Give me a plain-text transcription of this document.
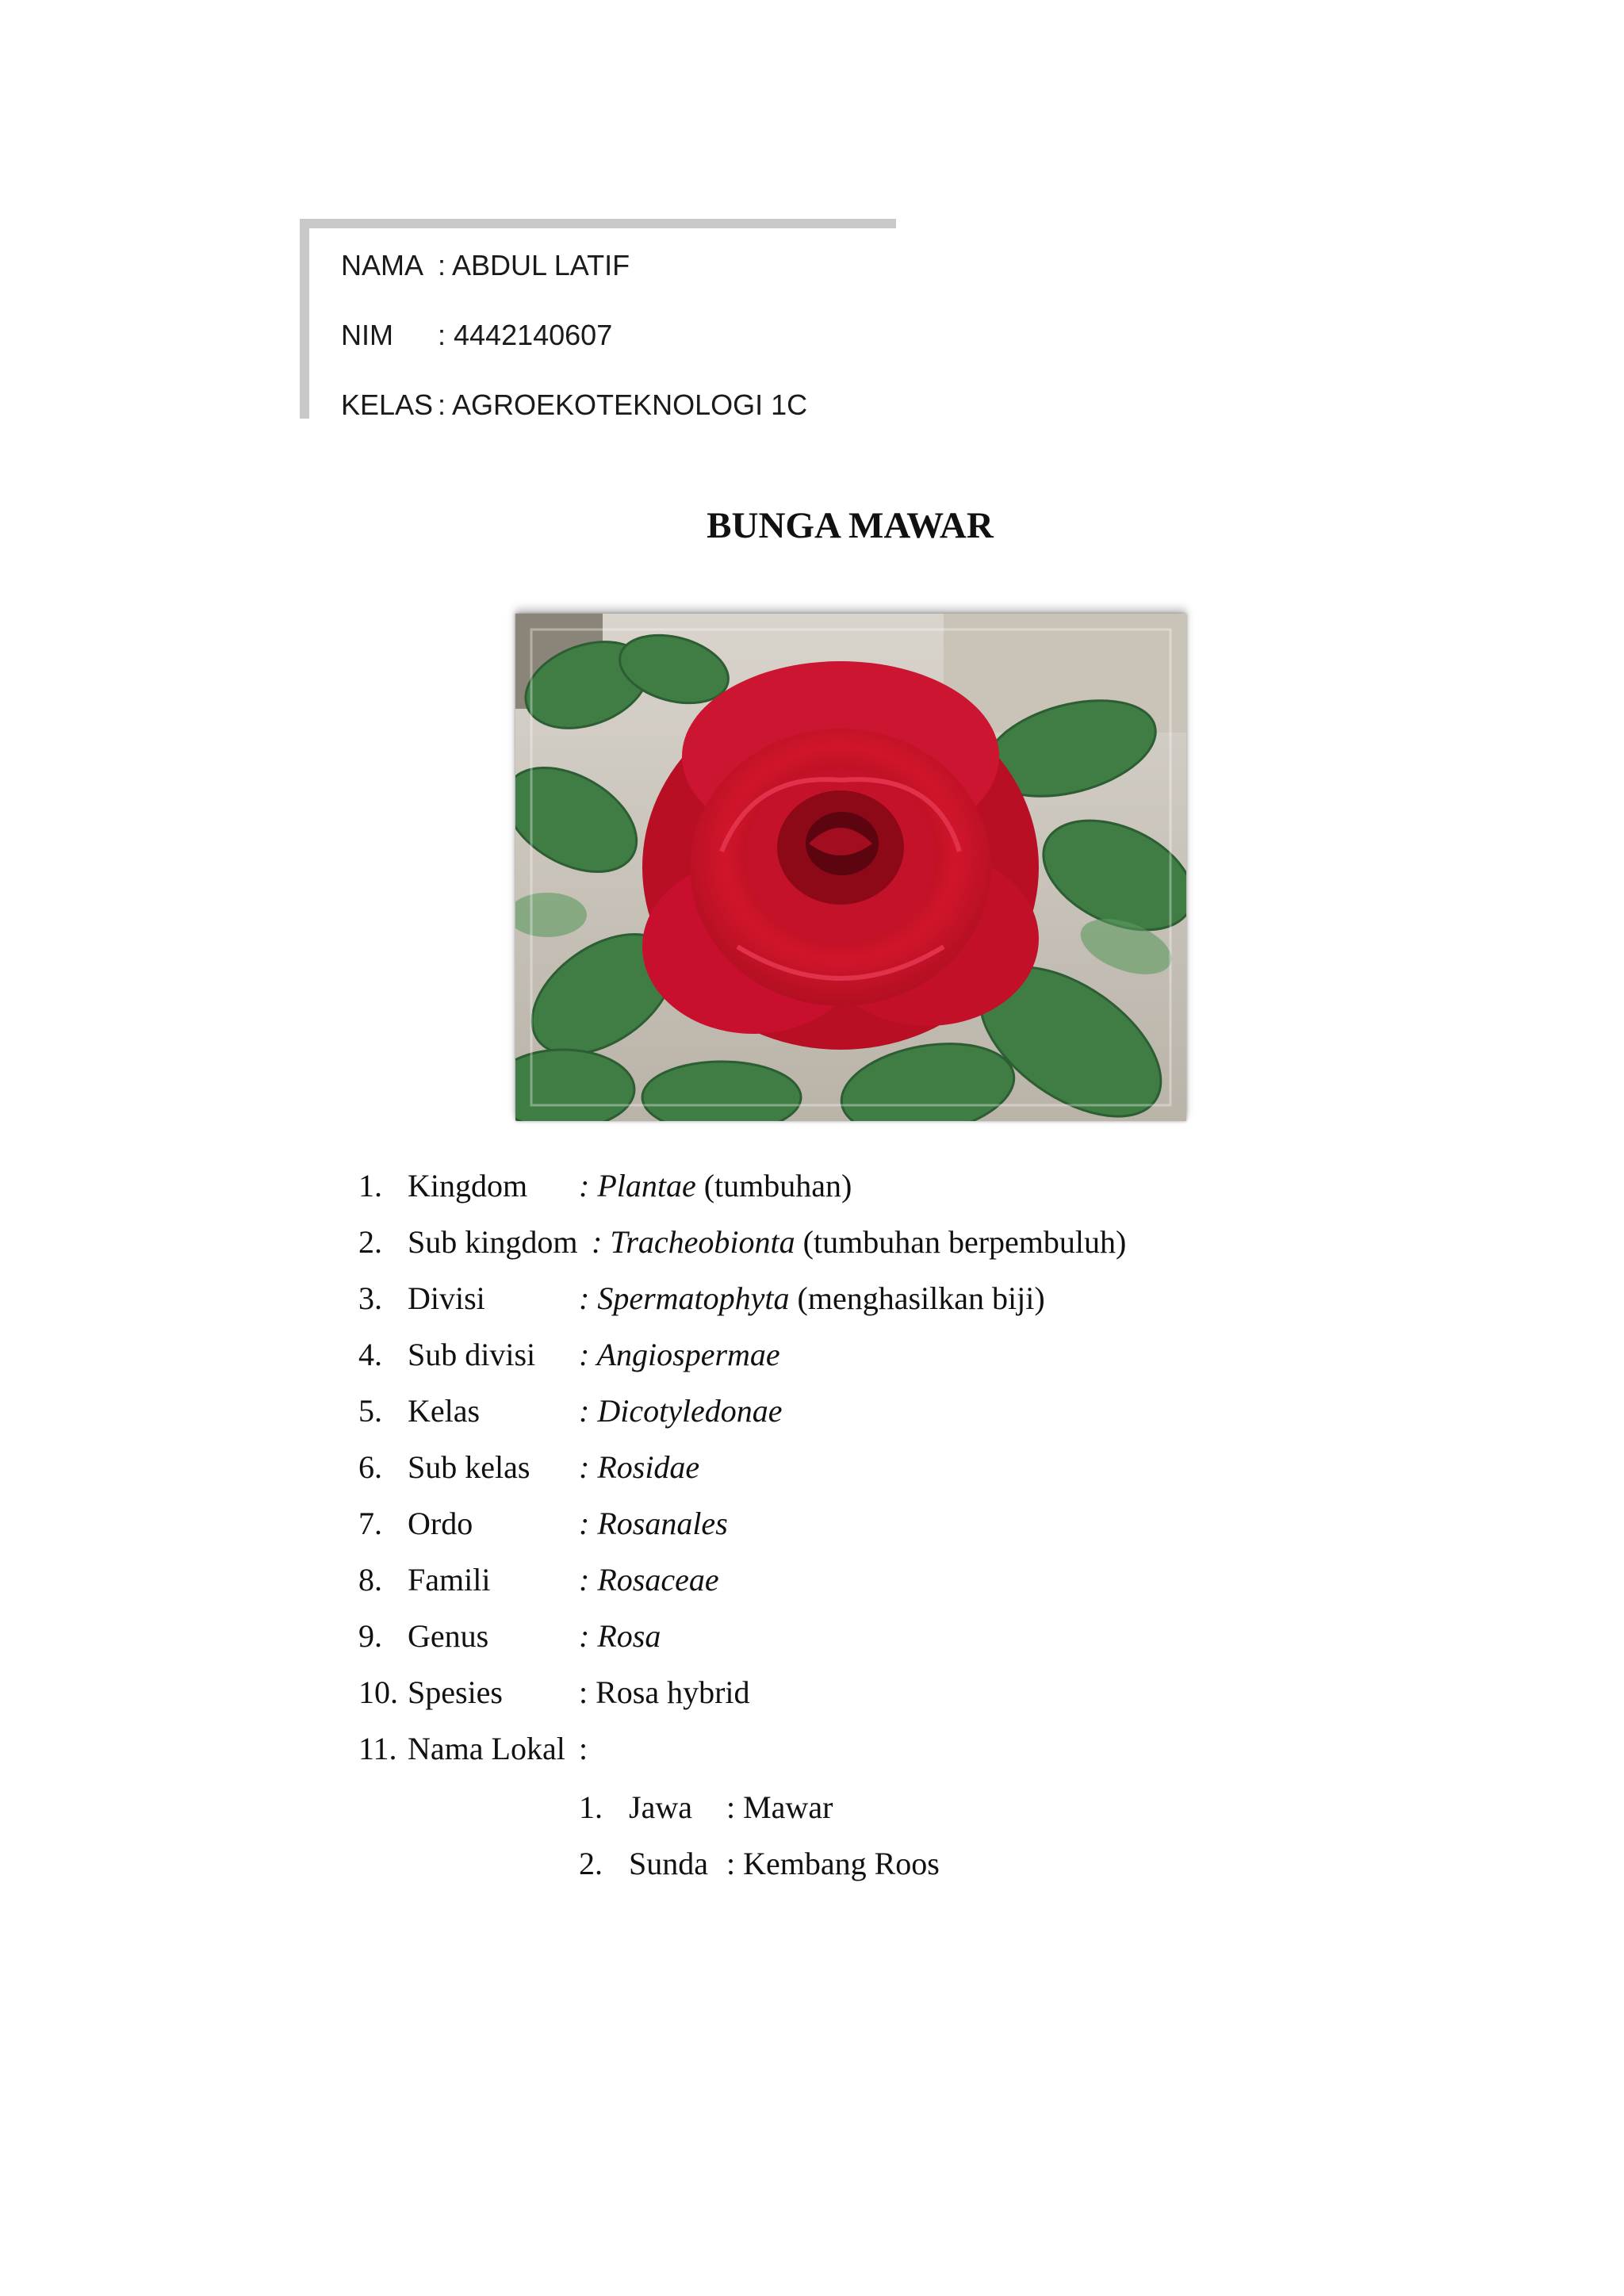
NAMA : ABDUL LATIF
NIM : 4442140607
KELAS : AGROEKOTEKNOLOGI 1C
BUNGA MAWAR
1. Kingdom : Plantae (tumbuhan)
2. Sub kingdom : Tracheobionta (tumbuhan berpembuluh)
3. Divisi	: Spermatophyta (menghasilkan biji)
4. Sub divisi : Angiospermae
5. Kelas	: Dicotyledonae
6. Sub kelas : Rosidae
7. Ordo	: Rosanales
8. Famili	: Rosaceae
9. Genus	: Rosa
10. Spesies : Rosa hybrid
11. Nama Lokal :
1. Jawa : Mawar
2. Sunda : Kembang Roos
